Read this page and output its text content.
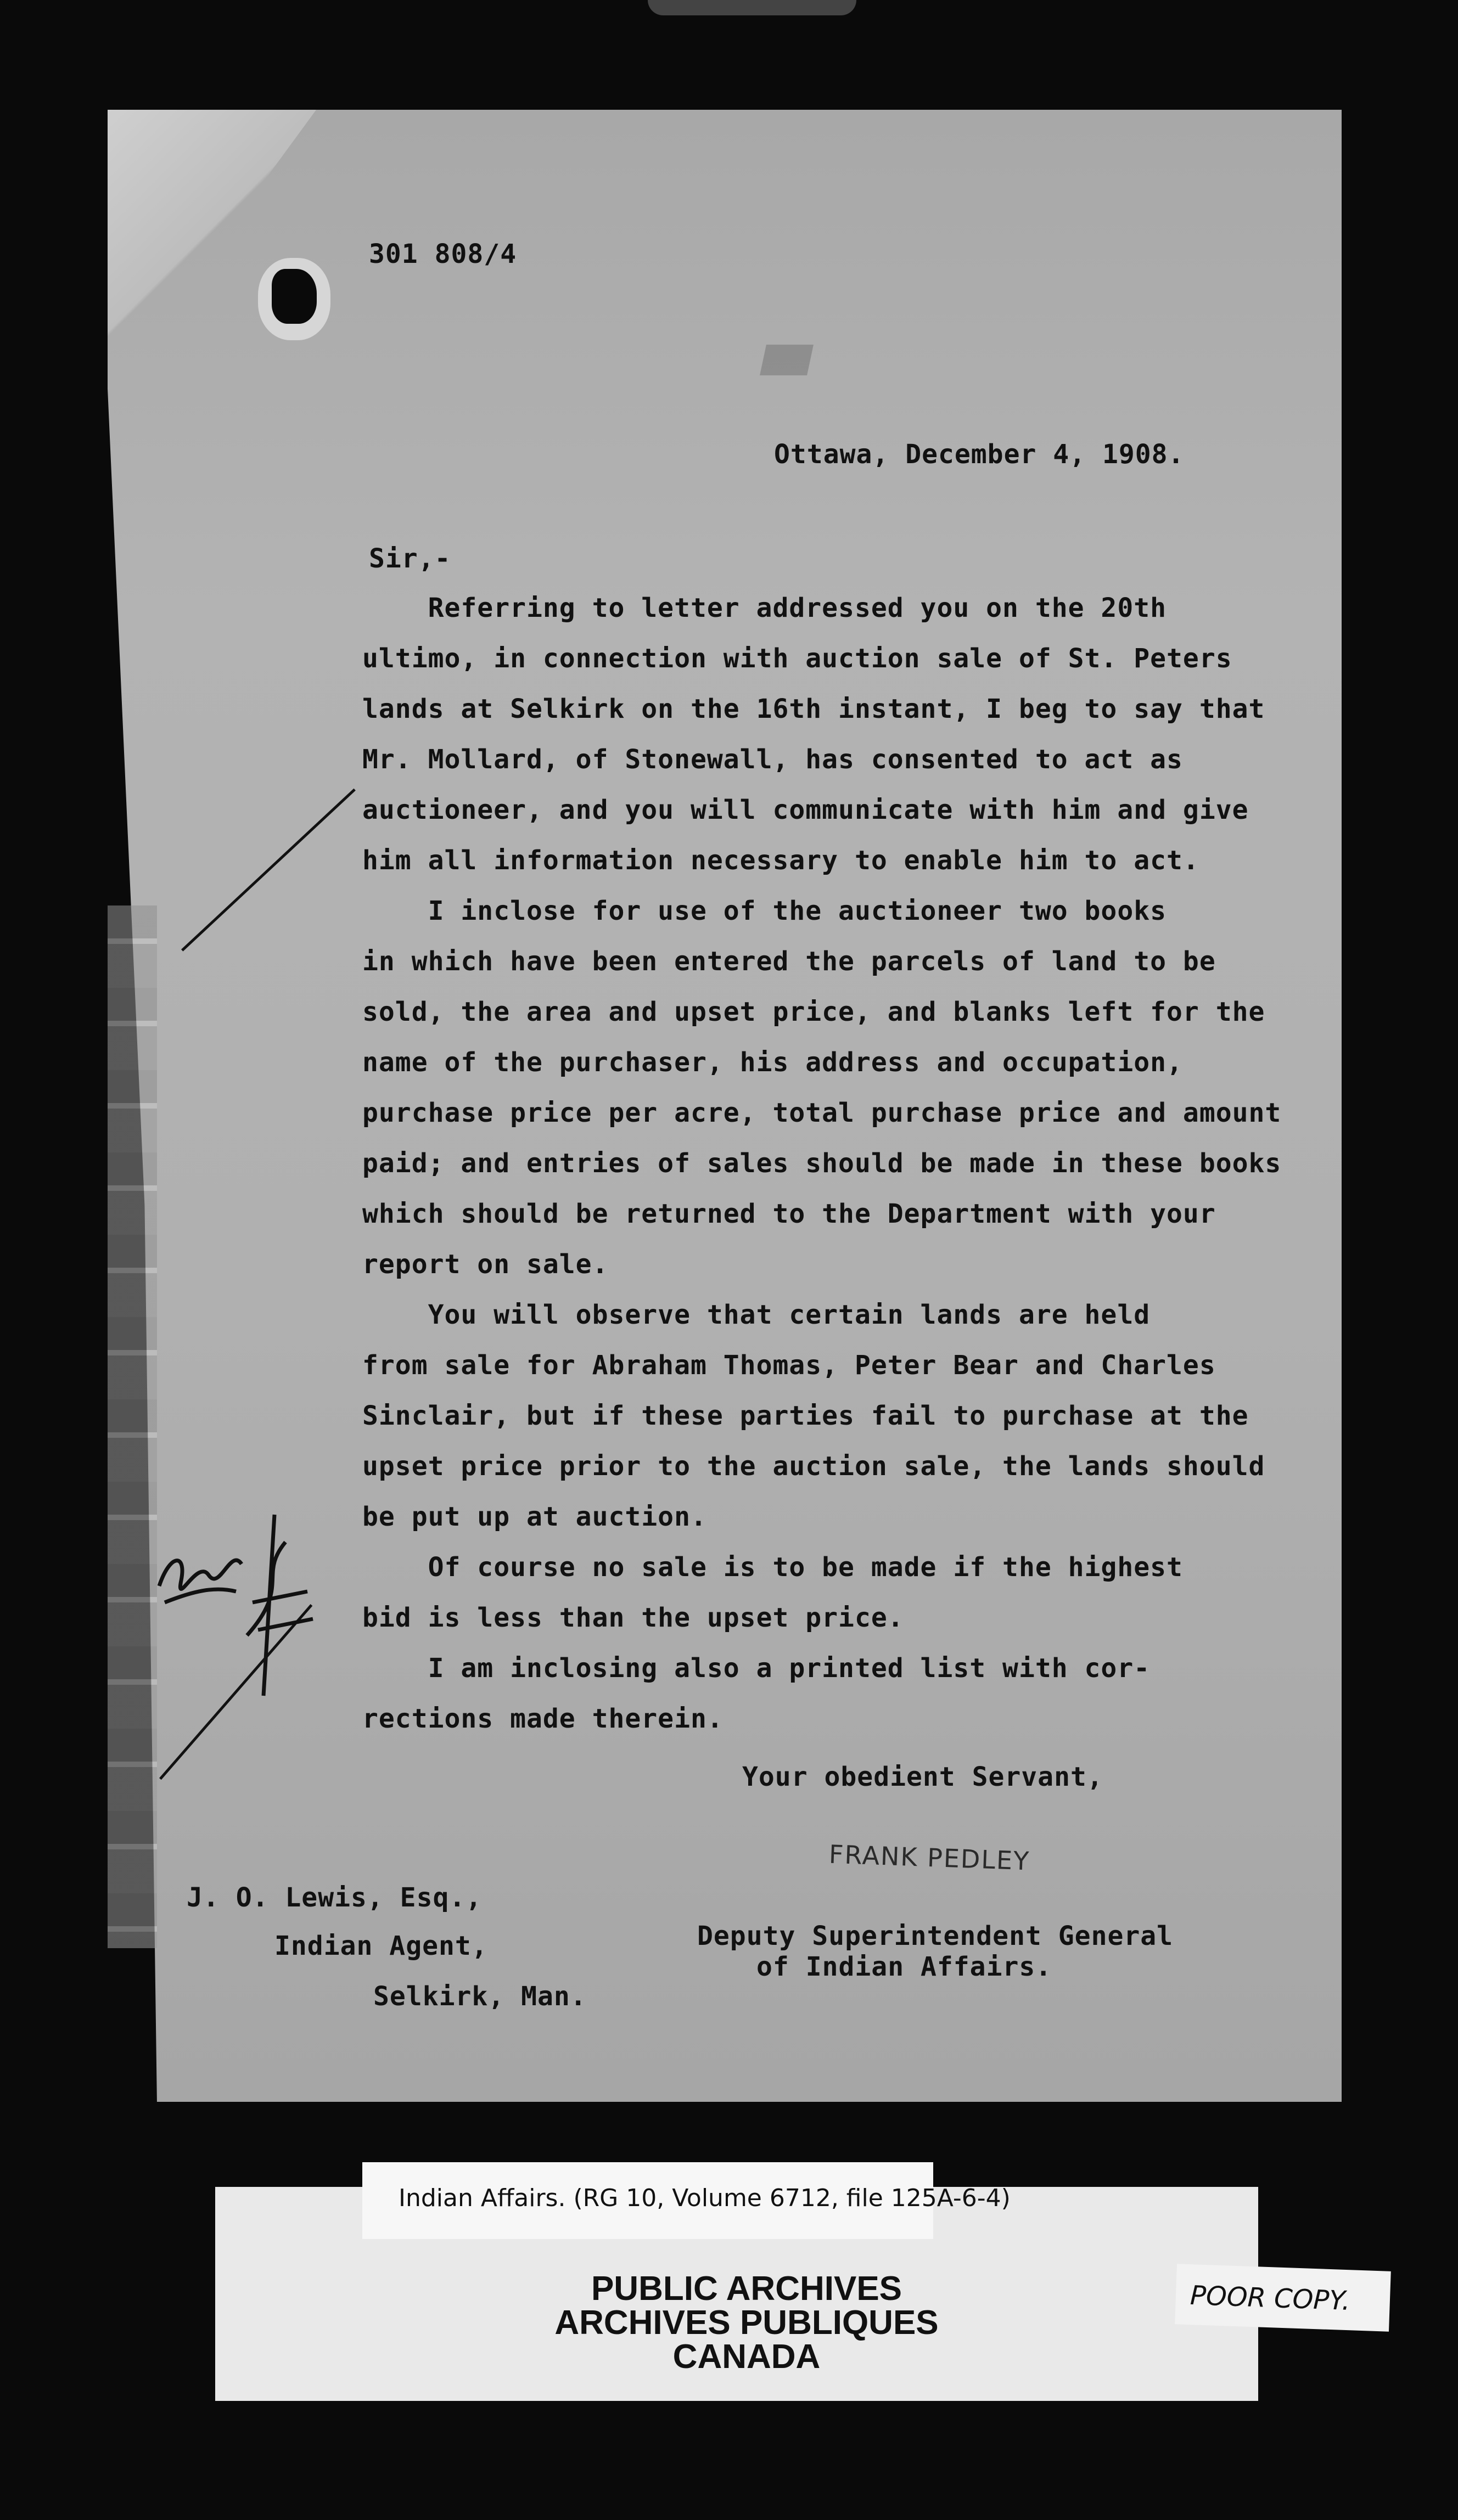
301 808/4
Ottawa, December 4, 1908.
Sir,-
Referring to letter addressed you on the 20th
ultimo, in connection with auction sale of St. Peters
lands at Selkirk on the 16th instant, I beg to say that
Mr. Mollard, of Stonewall, has consented to act as
auctioneer, and you will communicate with him and give
him all information necessary to enable him to act.
I inclose for use of the auctioneer two books
in which have been entered the parcels of land to be
sold, the area and upset price, and blanks left for the
name of the purchaser, his address and occupation,
purchase price per acre, total purchase price and amount
paid; and entries of sales should be made in these books
which should be returned to the Department with your
report on sale.
You will observe that certain lands are held
from sale for Abraham Thomas, Peter Bear and Charles
Sinclair, but if these parties fail to purchase at the
upset price prior to the auction sale, the lands should
be put up at auction.
Of course no sale is to be made if the highest
bid is less than the upset price.
I am inclosing also a printed list with cor-
rections made therein.
Your obedient Servant,
FRANK PEDLEY
J. O. Lewis, Esq.,
Indian Agent,
Selkirk, Man.
Deputy Superintendent General
of Indian Affairs.
Indian Affairs. (RG 10, Volume 6712, file 125A-6-4)
PUBLIC ARCHIVES
ARCHIVES PUBLIQUES
CANADA
POOR COPY.
